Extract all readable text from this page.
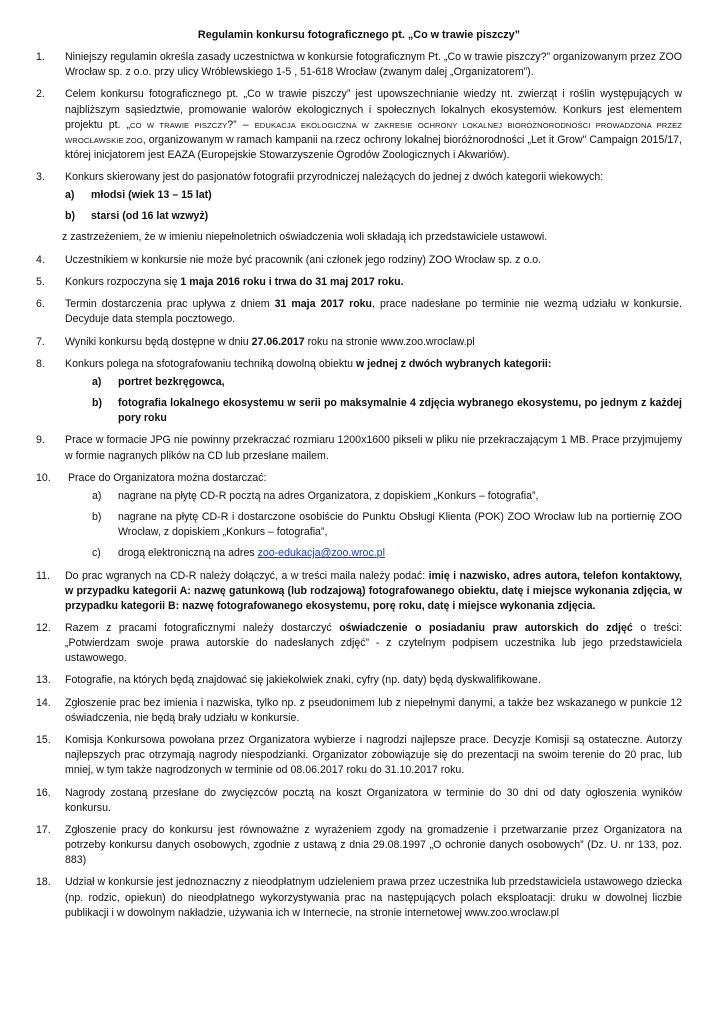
Regulamin konkursu fotograficznego pt. „Co w trawie piszczy”
1. Niniejszy regulamin określa zasady uczestnictwa w konkursie fotograficznym Pt. „Co w trawie piszczy?” organizowanym przez ZOO Wrocław sp. z o.o. przy ulicy Wróblewskiego 1-5 , 51-618 Wrocław (zwanym dalej „Organizatorem”).
2. Celem konkursu fotograficznego pt. „Co w trawie piszczy” jest upowszechnianie wiedzy nt. zwierząt i roślin występujących w najbliższym sąsiedztwie, promowanie walorów ekologicznych i społecznych lokalnych ekosystemów. Konkurs jest elementem projektu pt. „CO W TRAWIE PISZCZY?” – EDUKACJA EKOLOGICZNA W ZAKRESIE OCHRONY LOKALNEJ BIORÓŻNORODNOŚCI PROWADZONA PRZEZ WROCŁAWSKIE ZOO, organizowanym w ramach kampanii na rzecz ochrony lokalnej bioróżnorodności „Let it Grow" Campaign 2015/17, której inicjatorem jest EAZA (Europejskie Stowarzyszenie Ogrodów Zoologicznych i Akwariów).
3. Konkurs skierowany jest do pasjonatów fotografii przyrodniczej należących do jednej z dwóch kategorii wiekowych:
a) młodsi (wiek 13 – 15 lat)
b) starsi (od 16 lat wzwyż)
z zastrzeżeniem, że w imieniu niepełnoletnich oświadczenia woli składają ich przedstawiciele ustawowi.
4. Uczestnikiem w konkursie nie może być pracownik (ani członek jego rodziny) ZOO Wrocław sp. z o.o.
5. Konkurs rozpoczyna się 1 maja 2016 roku i trwa do 31 maj 2017 roku.
6. Termin dostarczenia prac upływa z dniem 31 maja 2017 roku, prace nadesłane po terminie nie wezmą udziału w konkursie. Decyduje data stempla pocztowego.
7. Wyniki konkursu będą dostępne w dniu 27.06.2017 roku na stronie www.zoo.wroclaw.pl
8. Konkurs polega na sfotografowaniu techniką dowolną obiektu w jednej z dwóch wybranych kategorii:
a) portret bezkręgowca,
b) fotografia lokalnego ekosystemu w serii po maksymalnie 4 zdjęcia wybranego ekosystemu, po jednym z każdej pory roku
9. Prace w formacie JPG nie powinny przekraczać rozmiaru 1200x1600 pikseli w pliku nie przekraczającym 1 MB. Prace przyjmujemy w formie nagranych plików na CD lub przesłane mailem.
10. Prace do Organizatora można dostarczać:
a) nagrane na płytę CD-R pocztą na adres Organizatora, z dopiskiem „Konkurs – fotografia”,
b) nagrane na płytę CD-R i dostarczone osobiście do Punktu Obsługi Klienta (POK) ZOO Wrocław lub na portiernię ZOO Wrocław, z dopiskiem „Konkurs – fotografia”,
c) drogą elektroniczną na adres zoo-edukacja@zoo.wroc.pl
11. Do prac wgranych na CD-R należy dołączyć, a w treści maila należy podać: imię i nazwisko, adres autora, telefon kontaktowy, w przypadku kategorii A: nazwę gatunkową (lub rodzajową) fotografowanego obiektu, datę i miejsce wykonania zdjęcia, w przypadku kategorii B: nazwę fotografowanego ekosystemu, porę roku, datę i miejsce wykonania zdjęcia.
12. Razem z pracami fotograficznymi należy dostarczyć oświadczenie o posiadaniu praw autorskich do zdjęć o treści: „Potwierdzam swoje prawa autorskie do nadesłanych zdjęć” - z czytelnym podpisem uczestnika lub jego przedstawiciela ustawowego.
13. Fotografie, na których będą znajdować się jakiekolwiek znaki, cyfry (np. daty) będą dyskwalifikowane.
14. Zgłoszenie prac bez imienia i nazwiska, tylko np. z pseudonimem lub z niepełnymi danymi, a także bez wskazanego w punkcie 12 oświadczenia, nie będą brały udziału w konkursie.
15. Komisja Konkursowa powołana przez Organizatora wybierze i nagrodzi najlepsze prace. Decyzje Komisji są ostateczne. Autorzy najlepszych prac otrzymają nagrody niespodzianki. Organizator zobowiązuje się do prezentacji na swoim terenie do 20 prac, lub mniej, w tym także nagrodzonych w terminie od 08.06.2017 roku do 31.10.2017 roku.
16. Nagrody zostaną przesłane do zwycięzców pocztą na koszt Organizatora w terminie do 30 dni od daty ogłoszenia wyników konkursu.
17. Zgłoszenie pracy do konkursu jest równoważne z wyrażeniem zgody na gromadzenie i przetwarzanie przez Organizatora na potrzeby konkursu danych osobowych, zgodnie z ustawą z dnia 29.08.1997 „O ochronie danych osobowych” (Dz. U. nr 133, poz. 883)
18. Udział w konkursie jest jednoznaczny z nieodpłatnym udzieleniem prawa przez uczestnika lub przedstawiciela ustawowego dziecka (np. rodzic, opiekun) do nieodpłatnego wykorzystywania prac na następujących polach eksploatacji: druku w dowolnej liczbie publikacji i w dowolnym nakładzie, używania ich w Internecie, na stronie internetowej www.zoo.wroclaw.pl
